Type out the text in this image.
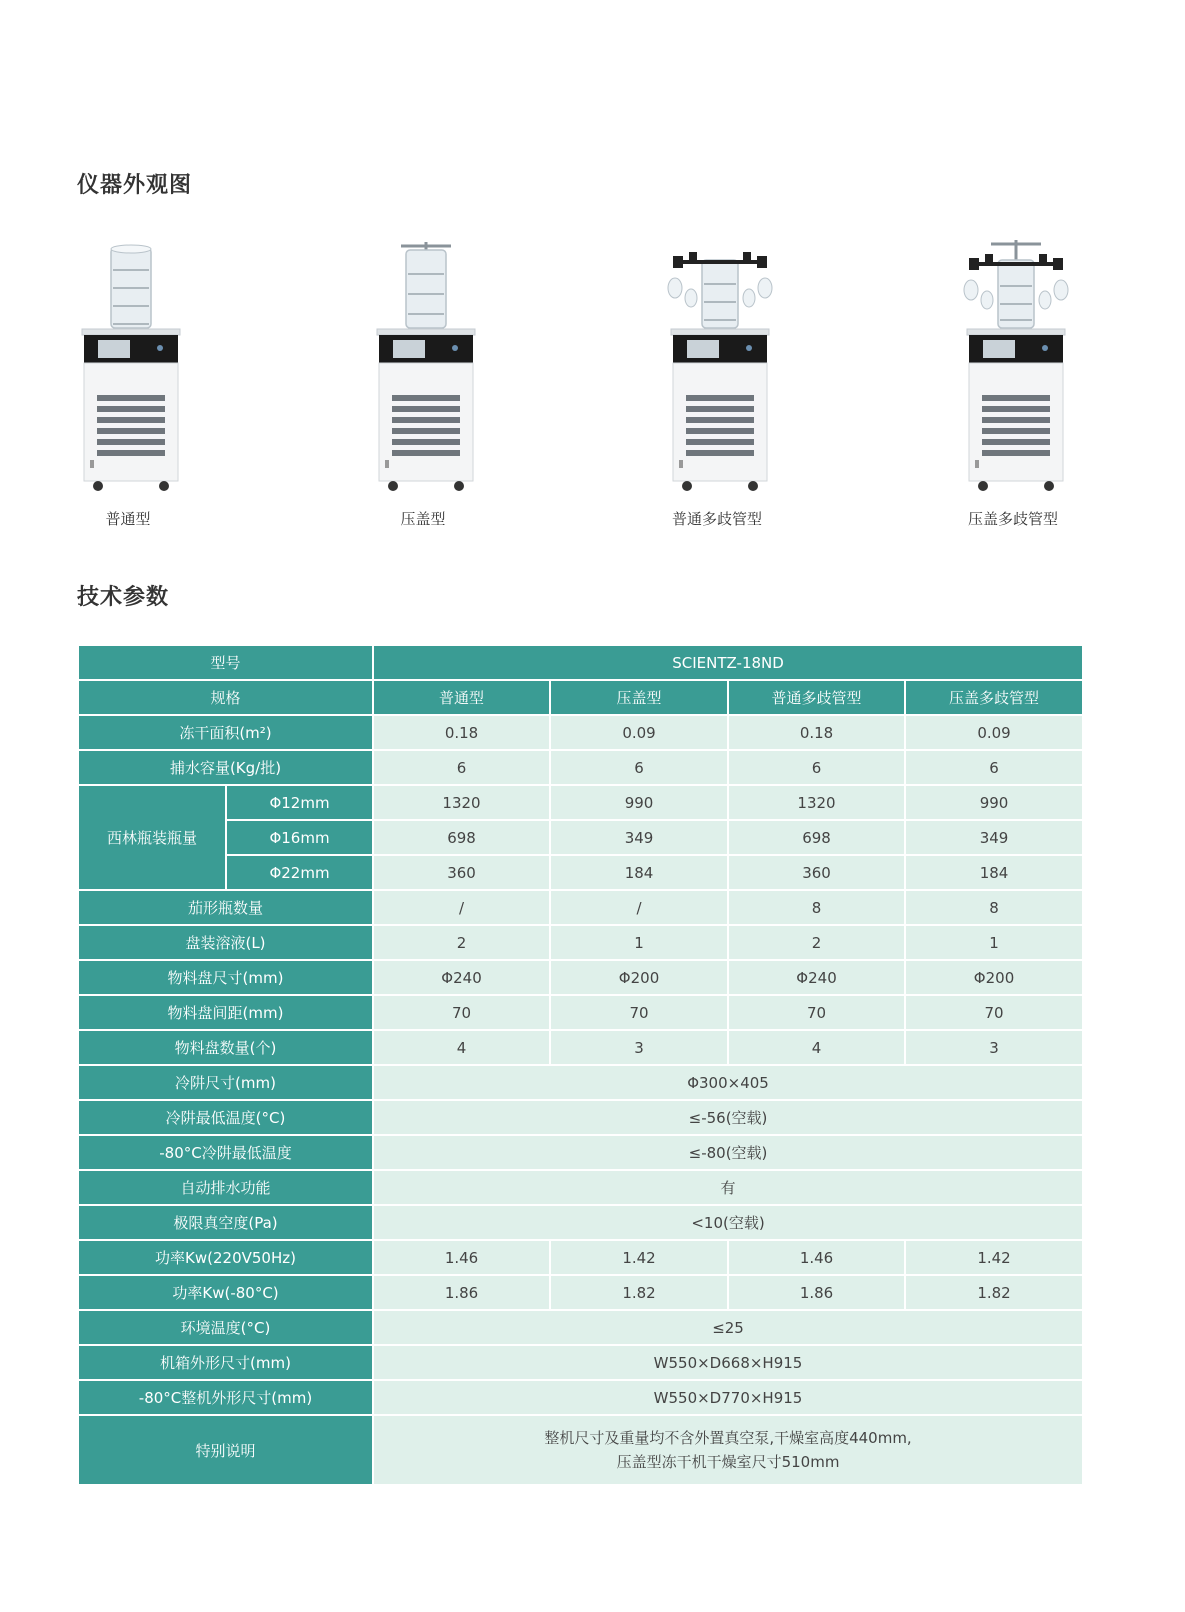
仪器外观图
普通型	压盖型	普通多歧管型	压盖多歧管型
技术参数
型号		SCIENTZ-18ND			
规格		普通型	压盖型	普通多歧管型	压盖多歧管型
冻干面积(m²)		0.18	0.09	0.18	0.09
捕水容量(Kg/批)		6	6	6	6
西林瓶装瓶量	Φ12mm	1320	990	1320	990
	Φ16mm	698	349	698	349
	Φ22mm	360	184	360	184
茄形瓶数量		/	/	8	8
盘装溶液(L)		2	1	2	1
物料盘尺寸(mm)		Φ240	Φ200	Φ240	Φ200
物料盘间距(mm)		70	70	70	70
物料盘数量(个)		4	3	4	3
冷阱尺寸(mm)		Φ300×405			
冷阱最低温度(°C)		≤-56(空载)			
-80°C冷阱最低温度		≤-80(空载)			
自动排水功能		有			
极限真空度(Pa)		<10(空载)			
功率Kw(220V50Hz)		1.46	1.42	1.46	1.42
功率Kw(-80°C)		1.86	1.82	1.86	1.82
环境温度(°C)		≤25			
机箱外形尺寸(mm)		W550×D668×H915			
-80°C整机外形尺寸(mm)		W550×D770×H915			
特别说明		整机尺寸及重量均不含外置真空泵,干燥室高度440mm,
压盖型冻干机干燥室尺寸510mm			
